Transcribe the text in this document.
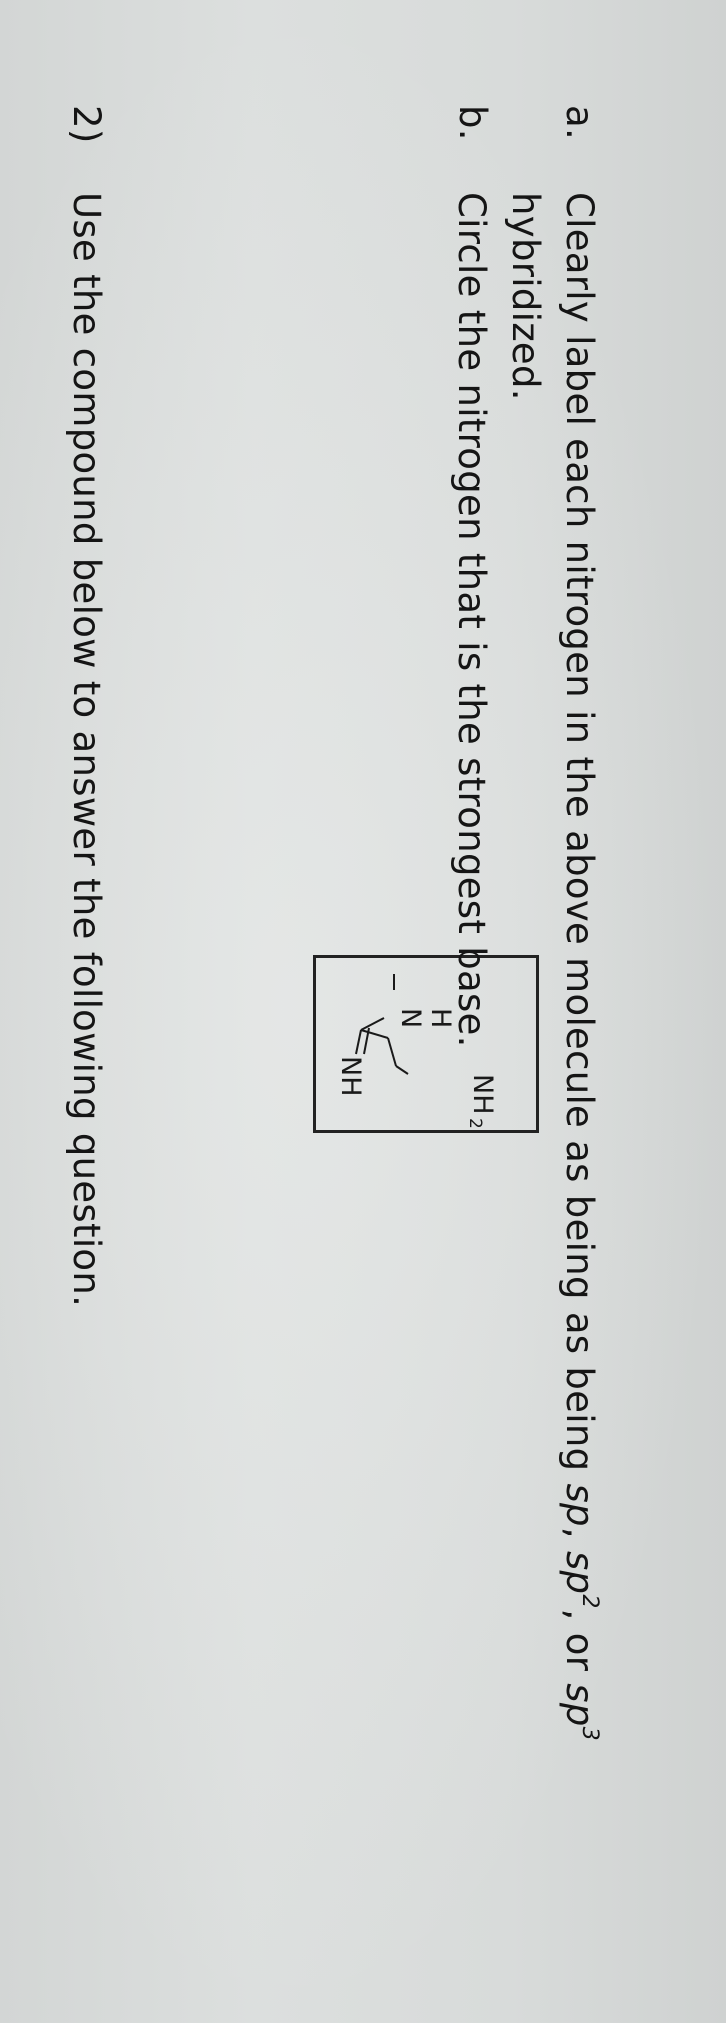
2)
Use the compound below to answer the following question.	H
N
NH	NH
2
a.
Clearly label each nitrogen in the above molecule as being as being sp, $sp^2$, or $sp^3$
hybridized.
b.
Circle the nitrogen that is the strongest base.
